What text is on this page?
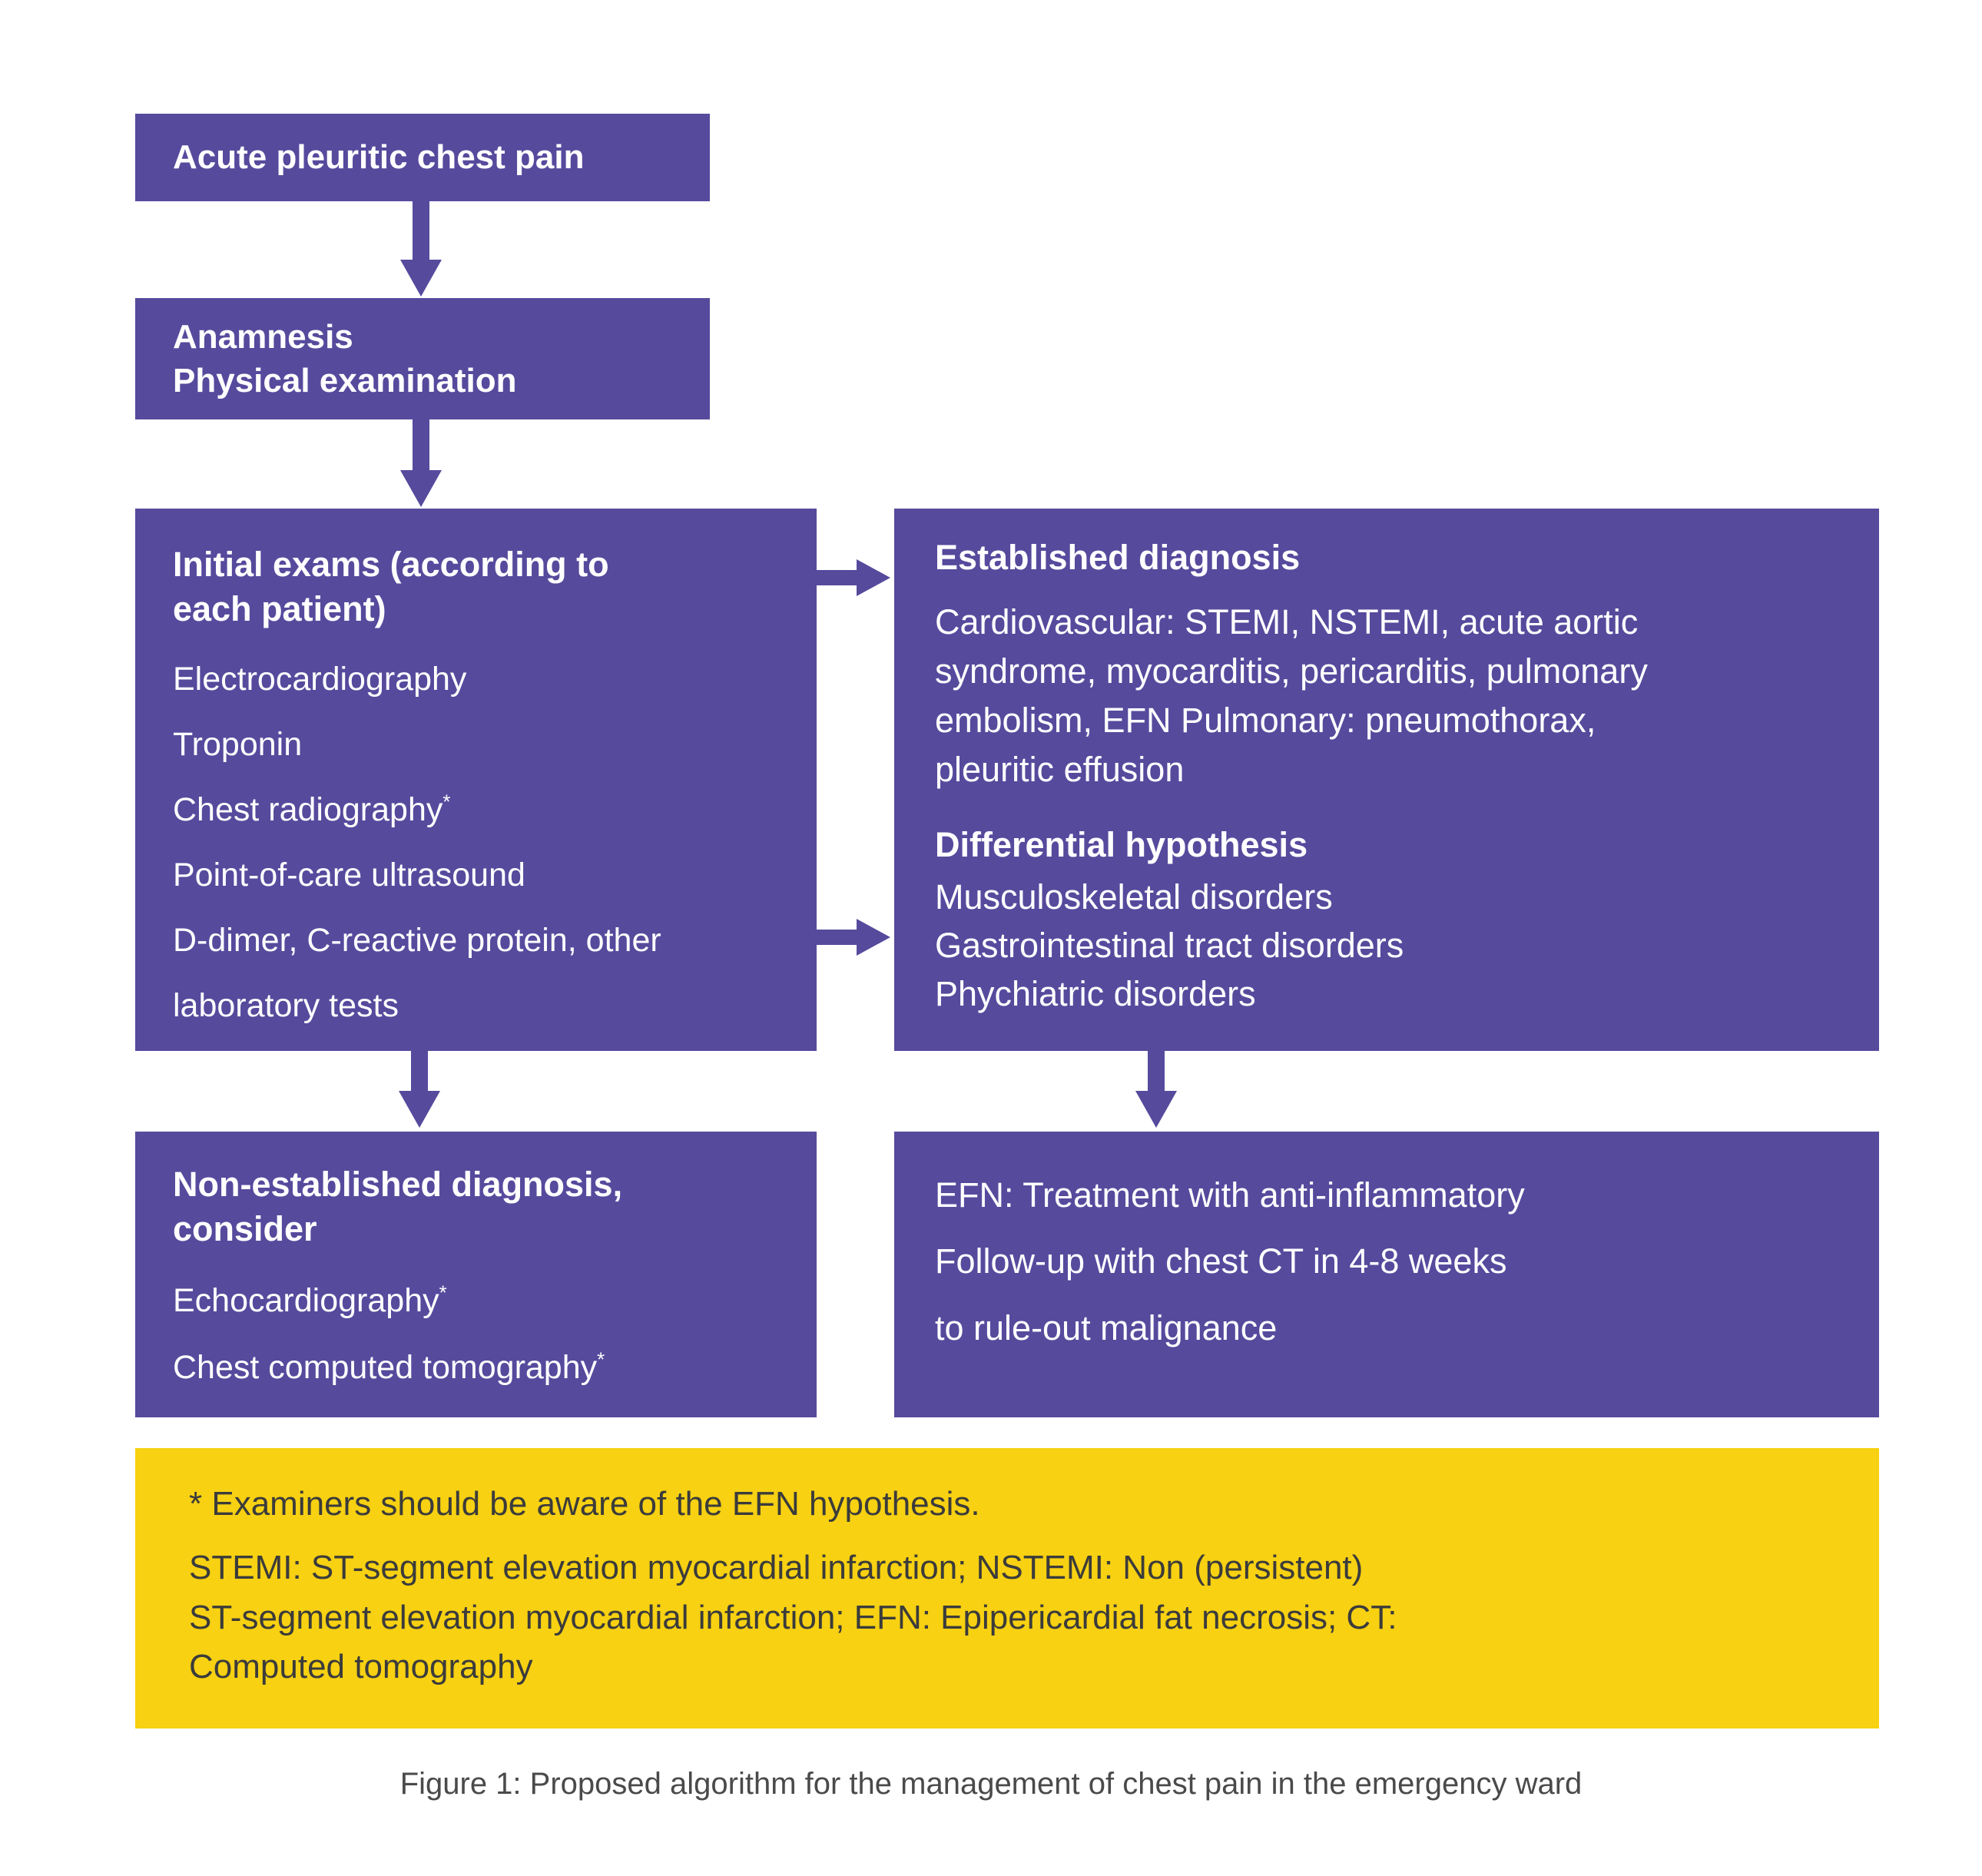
Acute pleuritic chest pain
Anamnesis
Physical examination
Initial exams (according to
each patient)
Electrocardiography
Troponin
Chest radiography*
Point-of-care ultrasound
D-dimer, C-reactive protein, other
laboratory tests
Established diagnosis
Cardiovascular: STEMI, NSTEMI, acute aortic
syndrome, myocarditis, pericarditis, pulmonary
embolism, EFN Pulmonary: pneumothorax,
pleuritic effusion
Differential hypothesis
Musculoskeletal disorders
Gastrointestinal tract disorders
Phychiatric disorders
Non-established diagnosis,
consider
Echocardiography*
Chest computed tomography*
EFN: Treatment with anti-inflammatory
Follow-up with chest CT in 4-8 weeks
to rule-out malignance
* Examiners should be aware of the EFN hypothesis.
STEMI: ST-segment elevation myocardial infarction; NSTEMI: Non (persistent)
ST-segment elevation myocardial infarction; EFN: Epipericardial fat necrosis; CT:
Computed tomography
Figure 1: Proposed algorithm for the management of chest pain in the emergency ward
